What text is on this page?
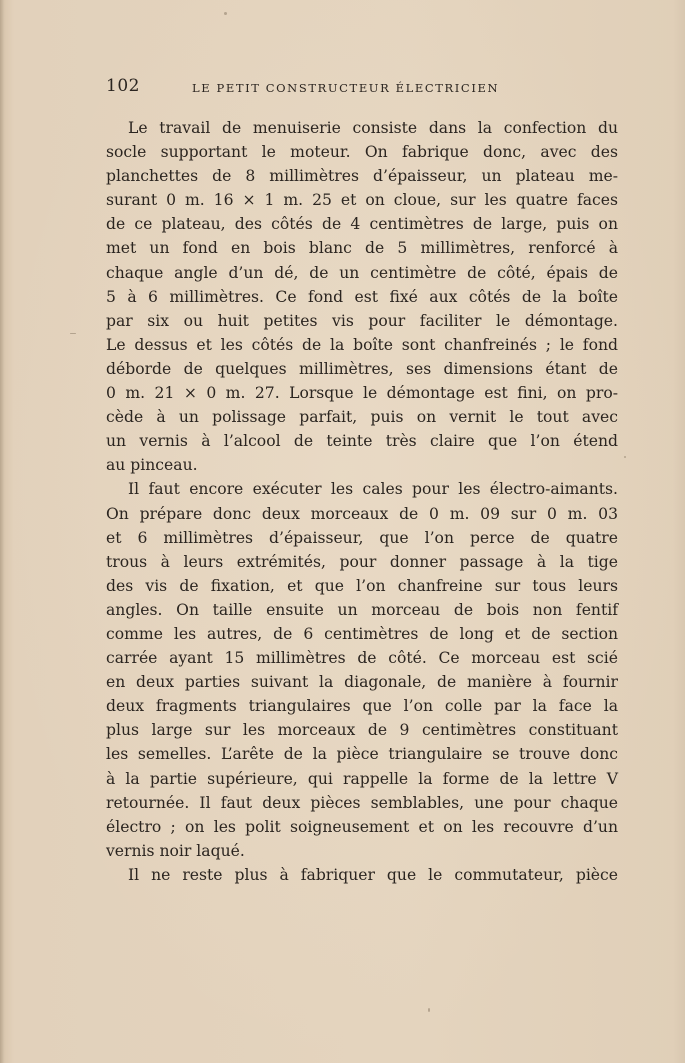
102	LE PETIT CONSTRUCTEUR ÉLECTRICIEN
Le travail de menuiserie consiste dans la confection du
socle supportant le moteur. On fabrique donc, avec des
planchettes de 8 millimètres d’épaisseur, un plateau me-
surant 0 m. 16 × 1 m. 25 et on cloue, sur les quatre faces
de ce plateau, des côtés de 4 centimètres de large, puis on
met un fond en bois blanc de 5 millimètres, renforcé à
chaque angle d’un dé, de un centimètre de côté, épais de
5 à 6 millimètres. Ce fond est fixé aux côtés de la boîte
par six ou huit petites vis pour faciliter le démontage.
Le dessus et les côtés de la boîte sont chanfreinés ; le fond
déborde de quelques millimètres, ses dimensions étant de
0 m. 21 × 0 m. 27. Lorsque le démontage est fini, on pro-
cède à un polissage parfait, puis on vernit le tout avec
un vernis à l’alcool de teinte très claire que l’on étend
au pinceau.
Il faut encore exécuter les cales pour les électro-aimants.
On prépare donc deux morceaux de 0 m. 09 sur 0 m. 03
et 6 millimètres d’épaisseur, que l’on perce de quatre
trous à leurs extrémités, pour donner passage à la tige
des vis de fixation, et que l’on chanfreine sur tous leurs
angles. On taille ensuite un morceau de bois non fentif
comme les autres, de 6 centimètres de long et de section
carrée ayant 15 millimètres de côté. Ce morceau est scié
en deux parties suivant la diagonale, de manière à fournir
deux fragments triangulaires que l’on colle par la face la
plus large sur les morceaux de 9 centimètres constituant
les semelles. L’arête de la pièce triangulaire se trouve donc
à la partie supérieure, qui rappelle la forme de la lettre V
retournée. Il faut deux pièces semblables, une pour chaque
électro ; on les polit soigneusement et on les recouvre d’un
vernis noir laqué.
Il ne reste plus à fabriquer que le commutateur, pièce
